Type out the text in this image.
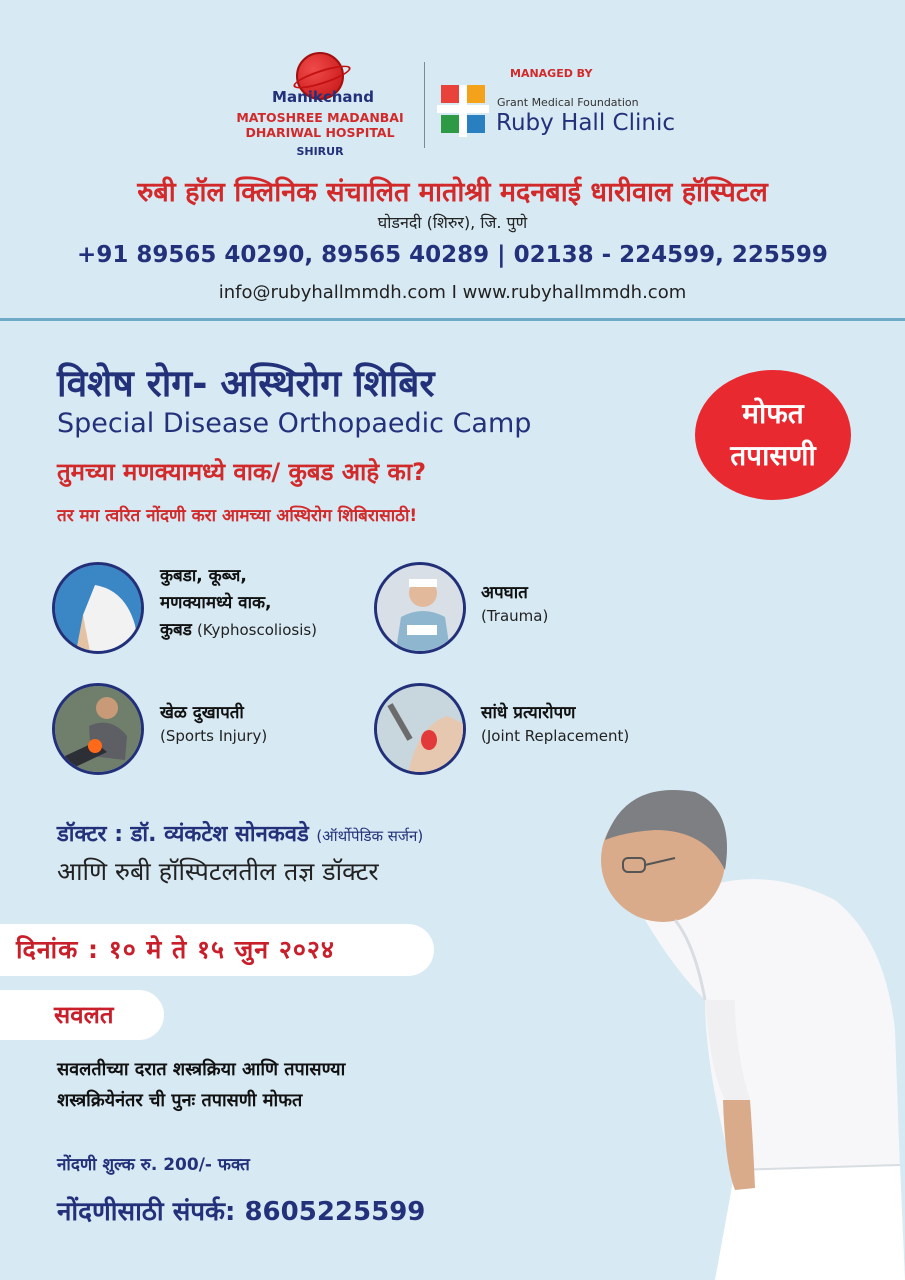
Manikchand
MATOSHREE MADANBAI
DHARIWAL HOSPITAL
SHIRUR
MANAGED BY
Grant Medical Foundation
Ruby Hall Clinic
रुबी हॉल क्लिनिक संचालित मातोश्री मदनबाई धारीवाल हॉस्पिटल
घोडनदी (शिरुर), जि. पुणे
+91 89565 40290, 89565 40289 | 02138 - 224599, 225599
info@rubyhallmmdh.com I www.rubyhallmmdh.com
विशेष रोग- अस्थिरोग शिबिर
Special Disease Orthopaedic Camp
तुमच्या मणक्यामध्ये वाक/ कुबड आहे का?
तर मग त्वरित नोंदणी करा आमच्या अस्थिरोग शिबिरासाठी!
मोफत
तपासणी
कुबडा, कूब्ज,
मणक्यामध्ये वाक,
कुबड (Kyphoscoliosis)
अपघात
(Trauma)
खेळ दुखापती
(Sports Injury)
सांधे प्रत्यारोपण
(Joint Replacement)
डॉक्टर : डॉ. व्यंकटेश सोनकवडे (ऑर्थोपेडिक सर्जन)
आणि रुबी हॉस्पिटलतील तज्ञ डॉक्टर
दिनांक : १० मे ते १५ जुन २०२४
सवलत
सवलतीच्या दरात शस्त्रक्रिया आणि तपासण्या
शस्त्रक्रियेनंतर ची पुनः तपासणी मोफत
नोंदणी शुल्क रु. 200/- फक्त
नोंदणीसाठी संपर्क: 8605225599
